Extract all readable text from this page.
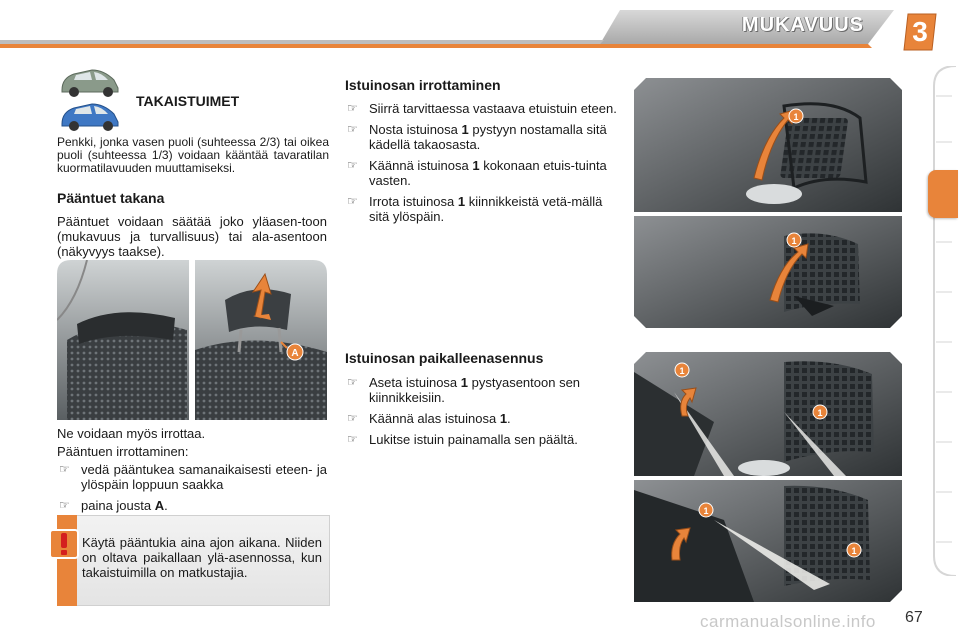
MUKAVUUS	3
TAKAISTUIMET
Penkki, jonka vasen puoli (suhteessa 2/3) tai oikea puoli (suhteessa 1/3) voidaan kääntää tavaratilan kuormatilavuuden muuttamiseksi.
Pääntuet takana
Pääntuet voidaan säätää joko yläasen-toon (mukavuus ja turvallisuus) tai ala-asentoon (näkyvyys taakse).
A
Ne voidaan myös irrottaa.
Pääntuen irrottaminen:
☞ vedä pääntukea samanaikaisesti eteen- ja ylöspäin loppuun saakka
☞ paina jousta A.
Käytä pääntukia aina ajon aikana. Niiden on oltava paikallaan ylä-asennossa, kun takaistuimilla on matkustajia.
Istuinosan irrottaminen
☞ Siirrä tarvittaessa vastaava etuistuin eteen.
☞ Nosta istuinosa 1 pystyyn nostamalla sitä kädellä takaosasta.
☞ Käännä istuinosa 1 kokonaan etuis-tuinta vasten.
☞ Irrota istuinosa 1 kiinnikkeistä vetä-mällä sitä ylöspäin.
Istuinosan paikalleenasennus
☞ Aseta istuinosa 1 pystyasentoon sen kiinnikkeisiin.
☞ Käännä alas istuinosa 1.
☞ Lukitse istuin painamalla sen päältä.
1
1
1
1
1
1
carmanualsonline.info 67
